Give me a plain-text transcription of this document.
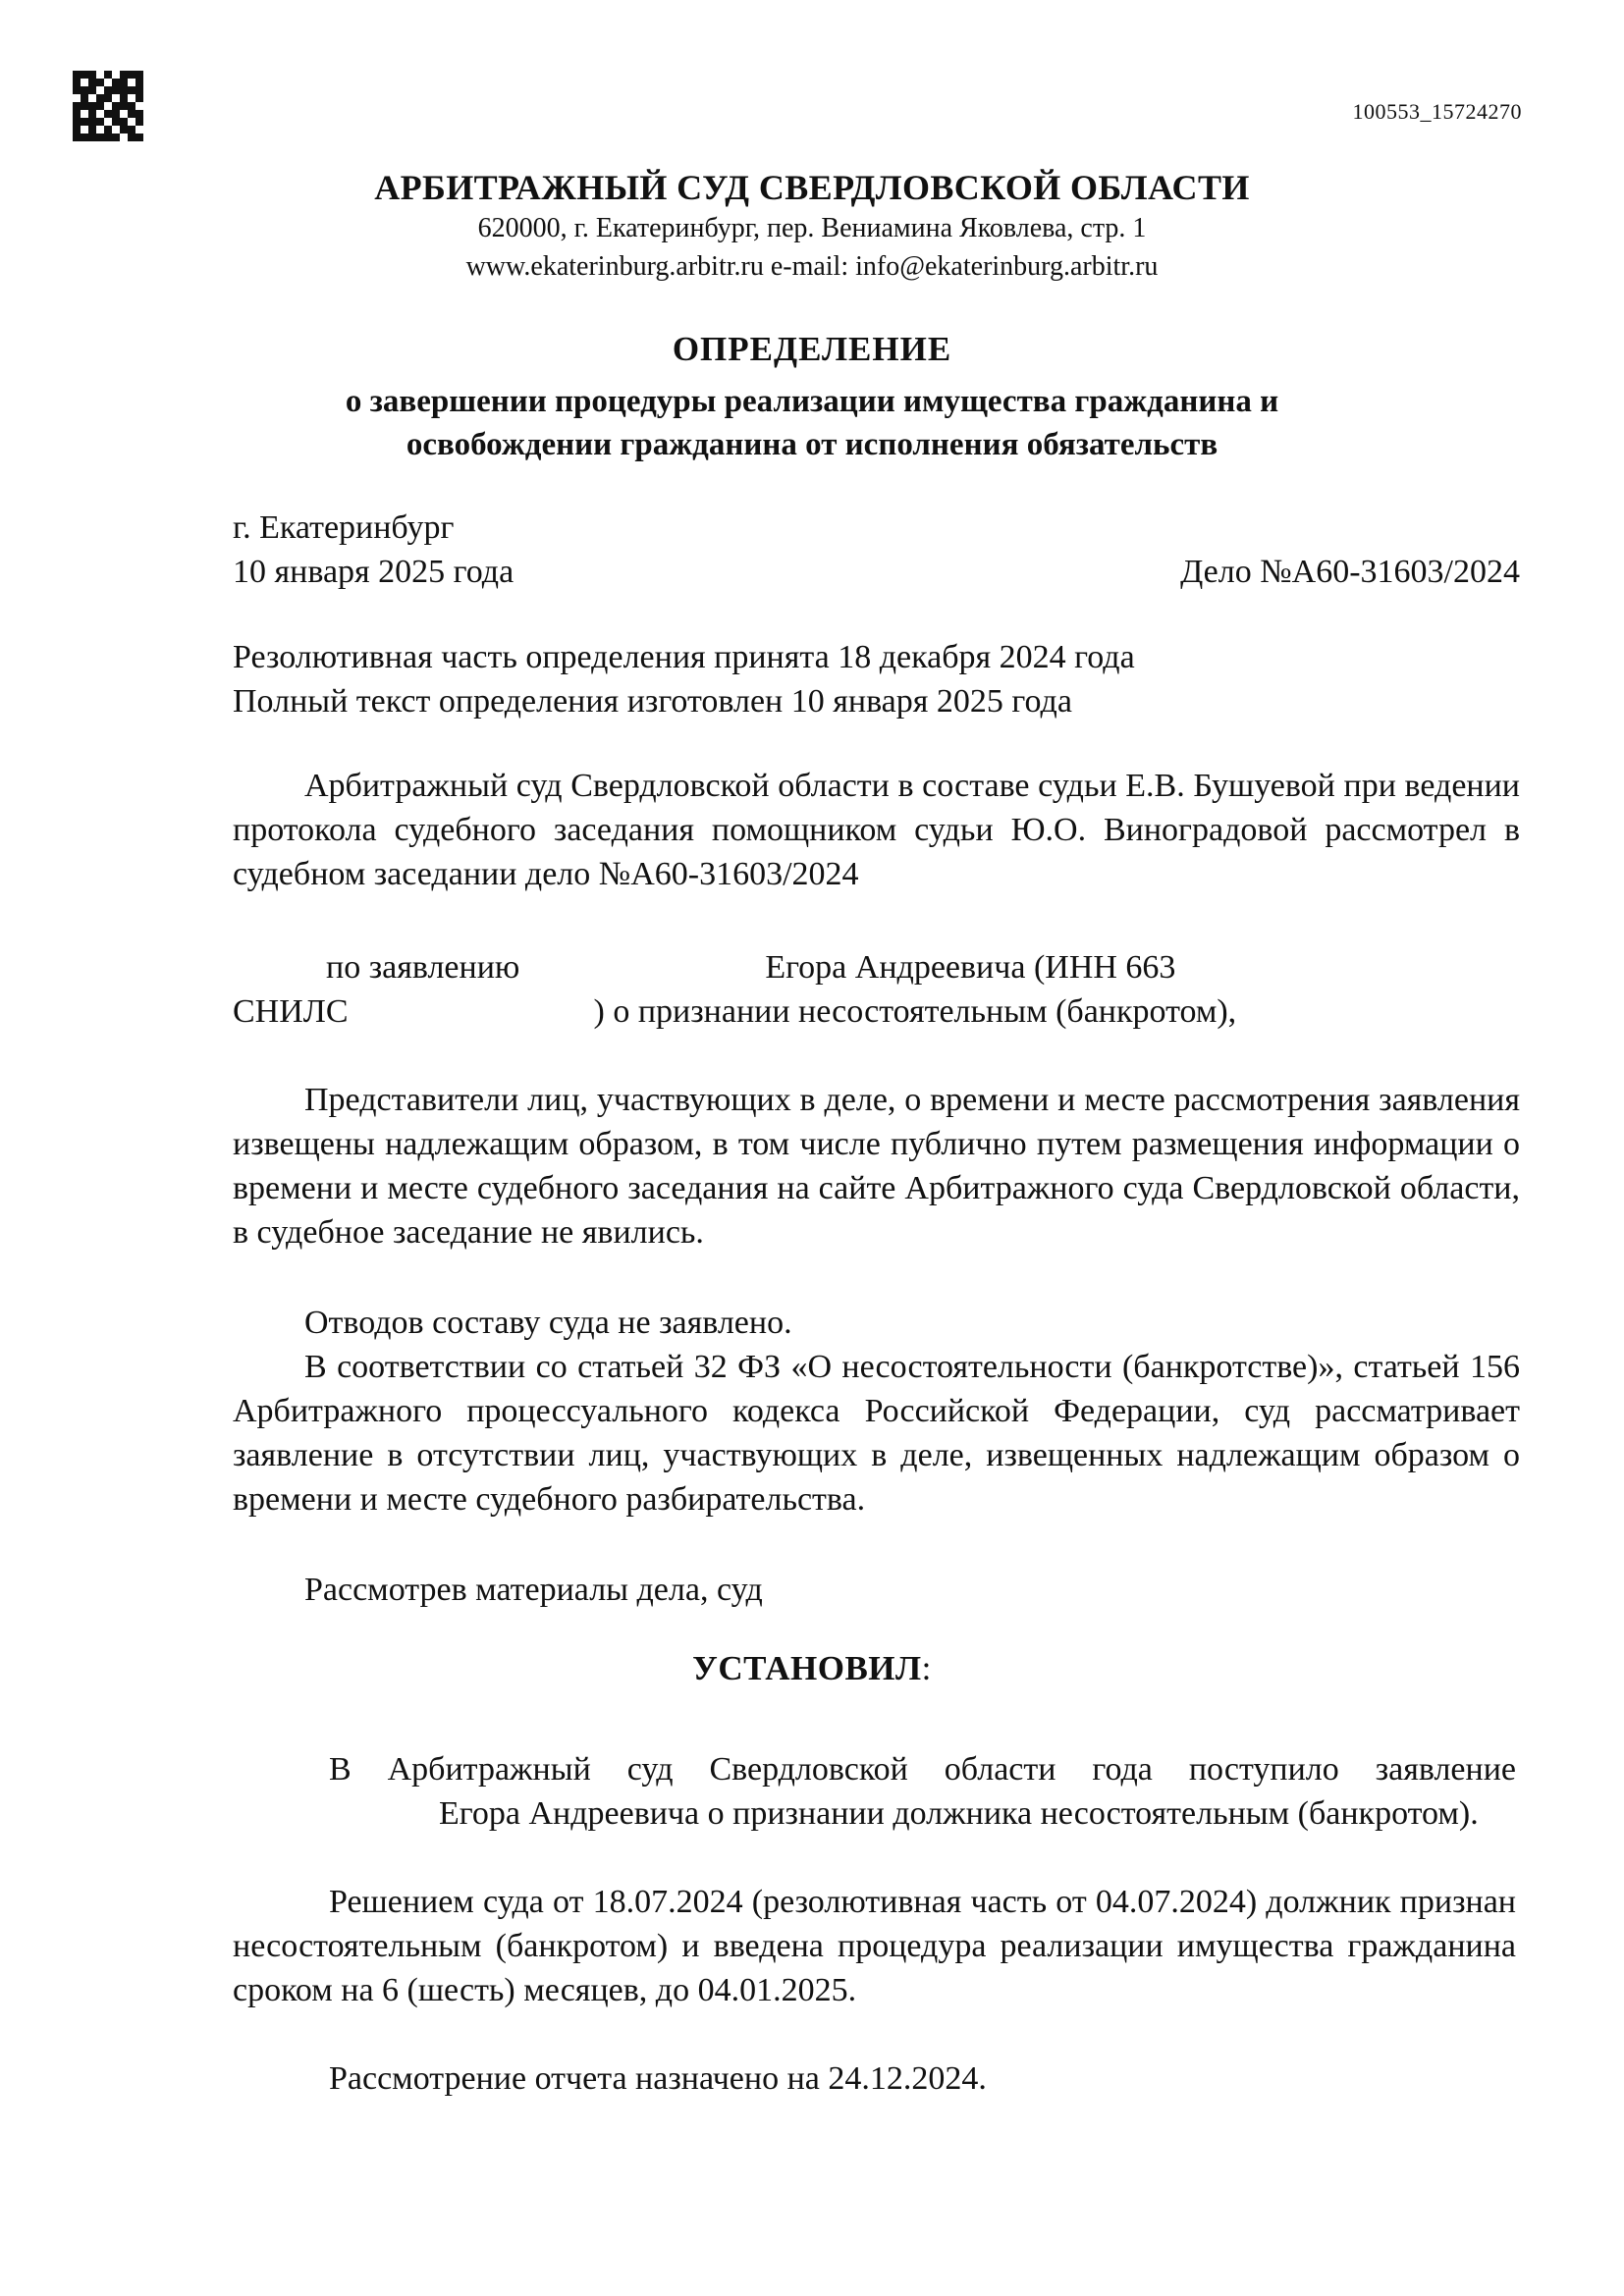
100553_15724270
АРБИТРАЖНЫЙ СУД СВЕРДЛОВСКОЙ ОБЛАСТИ
620000, г. Екатеринбург, пер. Вениамина Яковлева, стр. 1
www.ekaterinburg.arbitr.ru e-mail: info@ekaterinburg.arbitr.ru
ОПРЕДЕЛЕНИЕ
о завершении процедуры реализации имущества гражданина и
освобождении гражданина от исполнения обязательств
г. Екатеринбург
10 января 2025 года	Дело №А60-31603/2024
Резолютивная часть определения принята 18 декабря 2024 года
Полный текст определения изготовлен 10 января 2025 года
Арбитражный суд Свердловской области в составе судьи Е.В. Бушуевой при ведении протокола судебного заседания помощником судьи Ю.О. Виноградовой рассмотрел в судебном заседании дело №А60-31603/2024
по заявлению	Егора Андреевича (ИНН 663
СНИЛС	) о признании несостоятельным (банкротом),
Представители лиц, участвующих в деле, о времени и месте рассмотрения заявления извещены надлежащим образом, в том числе публично путем размещения информации о времени и месте судебного заседания на сайте Арбитражного суда Свердловской области, в судебное заседание не явились.
Отводов составу суда не заявлено.
В соответствии со статьей 32 ФЗ «О несостоятельности (банкротстве)», статьей 156 Арбитражного процессуального кодекса Российской Федерации, суд рассматривает заявление в отсутствии лиц, участвующих в деле, извещенных надлежащим образом о времени и месте судебного разбирательства.
Рассмотрев материалы дела, суд
УСТАНОВИЛ:
В Арбитражный суд Свердловской области года поступило заявление
Егора Андреевича о признании должника несостоятельным (банкротом).
Решением суда от 18.07.2024 (резолютивная часть от 04.07.2024) должник признан несостоятельным (банкротом) и введена процедура реализации имущества гражданина сроком на 6 (шесть) месяцев, до 04.01.2025.
Рассмотрение отчета назначено на 24.12.2024.
